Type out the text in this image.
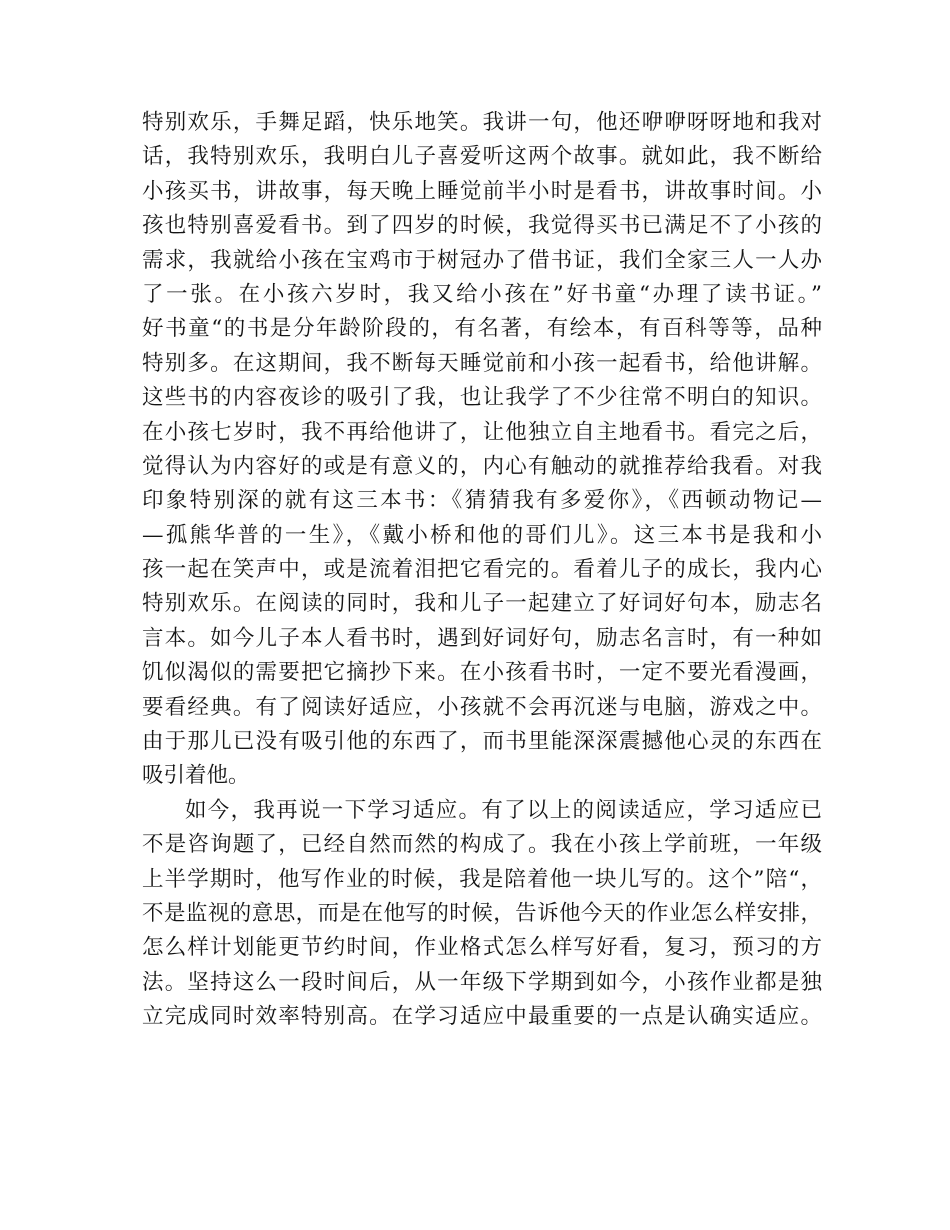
特别欢乐，手舞足蹈，快乐地笑。我讲一句，他还咿咿呀呀地和我对
话，我特别欢乐，我明白儿子喜爱听这两个故事。就如此，我不断给
小孩买书，讲故事，每天晚上睡觉前半小时是看书，讲故事时间。小
孩也特别喜爱看书。到了四岁的时候，我觉得买书已满足不了小孩的
需求，我就给小孩在宝鸡市于树冠办了借书证，我们全家三人一人办
了一张。在小孩六岁时，我又给小孩在”好书童“办理了读书证。”
好书童“的书是分年龄阶段的，有名著，有绘本，有百科等等，品种
特别多。在这期间，我不断每天睡觉前和小孩一起看书，给他讲解。
这些书的内容夜诊的吸引了我，也让我学了不少往常不明白的知识。
在小孩七岁时，我不再给他讲了，让他独立自主地看书。看完之后，
觉得认为内容好的或是有意义的，内心有触动的就推荐给我看。对我
印象特别深的就有这三本书：《猜猜我有多爱你》，《西顿动物记—
—孤熊华普的一生》，《戴小桥和他的哥们儿》。这三本书是我和小
孩一起在笑声中，或是流着泪把它看完的。看着儿子的成长，我内心
特别欢乐。在阅读的同时，我和儿子一起建立了好词好句本，励志名
言本。如今儿子本人看书时，遇到好词好句，励志名言时，有一种如
饥似渴似的需要把它摘抄下来。在小孩看书时，一定不要光看漫画，
要看经典。有了阅读好适应，小孩就不会再沉迷与电脑，游戏之中。
由于那儿已没有吸引他的东西了，而书里能深深震撼他心灵的东西在
吸引着他。
如今，我再说一下学习适应。有了以上的阅读适应，学习适应已
不是咨询题了，已经自然而然的构成了。我在小孩上学前班，一年级
上半学期时，他写作业的时候，我是陪着他一块儿写的。这个”陪“，
不是监视的意思，而是在他写的时候，告诉他今天的作业怎么样安排，
怎么样计划能更节约时间，作业格式怎么样写好看，复习，预习的方
法。坚持这么一段时间后，从一年级下学期到如今，小孩作业都是独
立完成同时效率特别高。在学习适应中最重要的一点是认确实适应。
